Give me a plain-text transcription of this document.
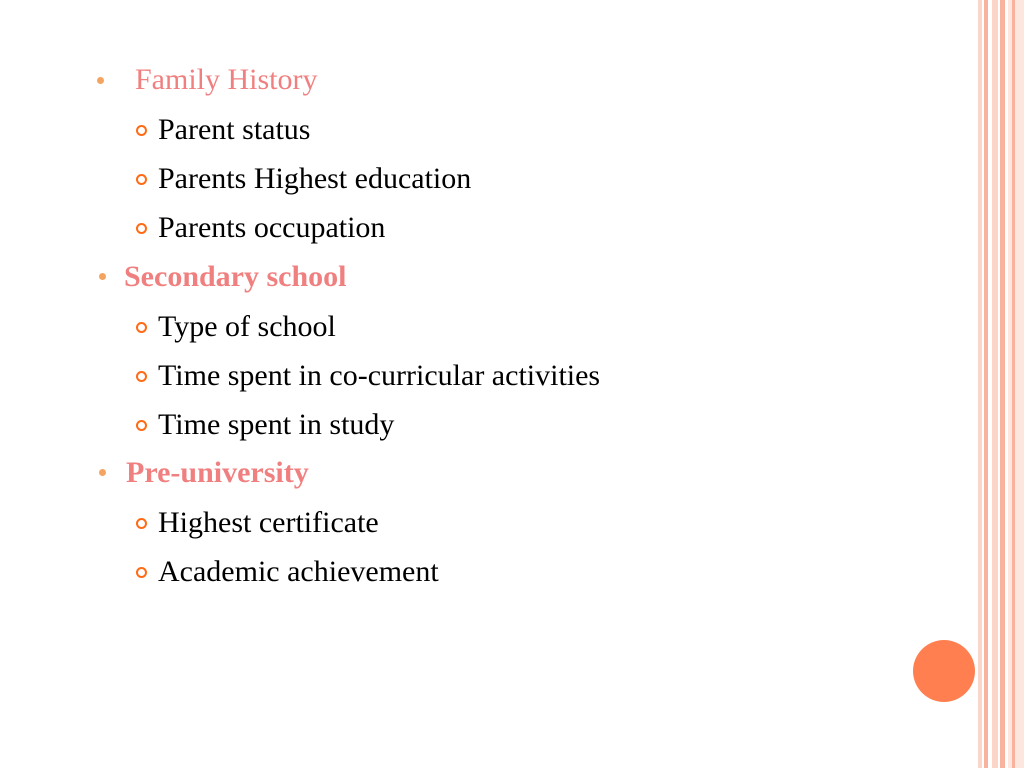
Family History
Parent status
Parents Highest education
Parents occupation
Secondary school
Type of school
Time spent in co-curricular activities
Time spent in study
Pre-university
Highest certificate
Academic achievement
